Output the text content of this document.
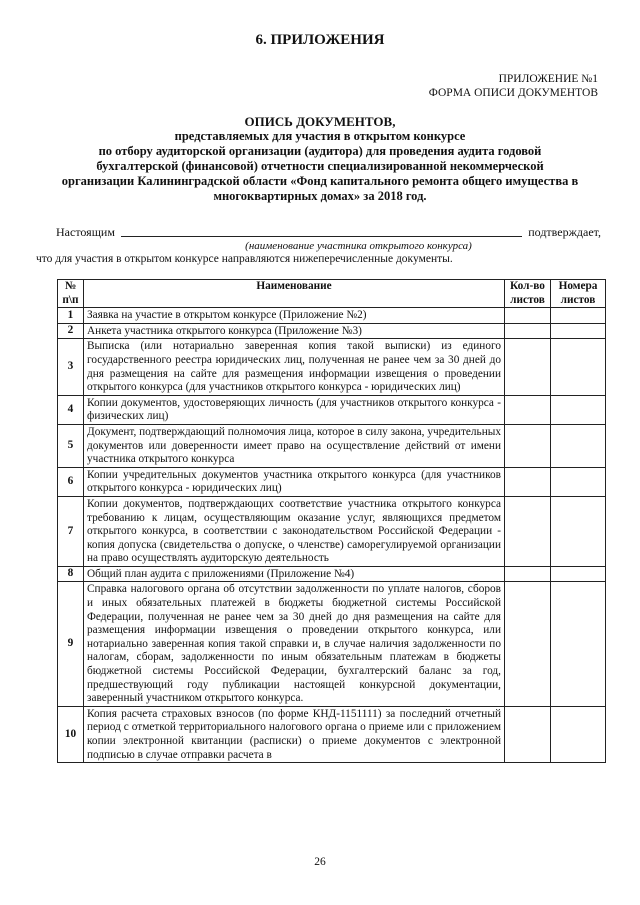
6. ПРИЛОЖЕНИЯ
ПРИЛОЖЕНИЕ №1
ФОРМА ОПИСИ ДОКУМЕНТОВ
ОПИСЬ ДОКУМЕНТОВ,
представляемых для участия в открытом конкурсе
по отбору аудиторской организации (аудитора) для проведения аудита годовой
бухгалтерской (финансовой) отчетности специализированной некоммерческой
организации Калининградской области «Фонд капитального ремонта общего имущества в
многоквартирных домах» за 2018 год.
Настоящим	подтверждает,
(наименование участника открытого конкурса)
что для участия в открытом конкурсе направляются нижеперечисленные документы.
№ п\п	Наименование	Кол-во листов	Номера листов
1	Заявка на участие в открытом конкурсе (Приложение №2)		
2	Анкета участника открытого конкурса (Приложение №3)		
3	Выписка (или нотариально заверенная копия такой выписки) из единого государственного реестра юридических лиц, полученная не ранее чем за 30 дней до дня размещения на сайте для размещения информации извещения о проведении открытого конкурса (для участников открытого конкурса - юридических лиц)		
4	Копии документов, удостоверяющих личность (для участников открытого конкурса - физических лиц)		
5	Документ, подтверждающий полномочия лица, которое в силу закона, учредительных документов или доверенности имеет право на осуществление действий от имени участника открытого конкурса		
6	Копии учредительных документов участника открытого конкурса (для участников открытого конкурса - юридических лиц)		
7	Копии документов, подтверждающих соответствие участника открытого конкурса требованию к лицам, осуществляющим оказание услуг, являющихся предметом открытого конкурса, в соответствии с законодательством Российской Федерации - копия допуска (свидетельства о допуске, о членстве) саморегулируемой организации на право осуществлять аудиторскую деятельность		
8	Общий план аудита с приложениями (Приложение №4)		
9	Справка налогового органа об отсутствии задолженности по уплате налогов, сборов и иных обязательных платежей в бюджеты бюджетной системы Российской Федерации, полученная не ранее чем за 30 дней до дня размещения на сайте для размещения информации извещения о проведении открытого конкурса, или нотариально заверенная копия такой справки и, в случае наличия задолженности по налогам, сборам, задолженности по иным обязательным платежам в бюджеты бюджетной системы Российской Федерации, бухгалтерский баланс за год, предшествующий году публикации настоящей конкурсной документации, заверенный участником открытого конкурса.		
10	Копия расчета страховых взносов (по форме КНД-1151111) за последний отчетный период с отметкой территориального налогового органа о приеме или с приложением копии электронной квитанции (расписки) о приеме документов с электронной подписью в случае отправки расчета в		
26
